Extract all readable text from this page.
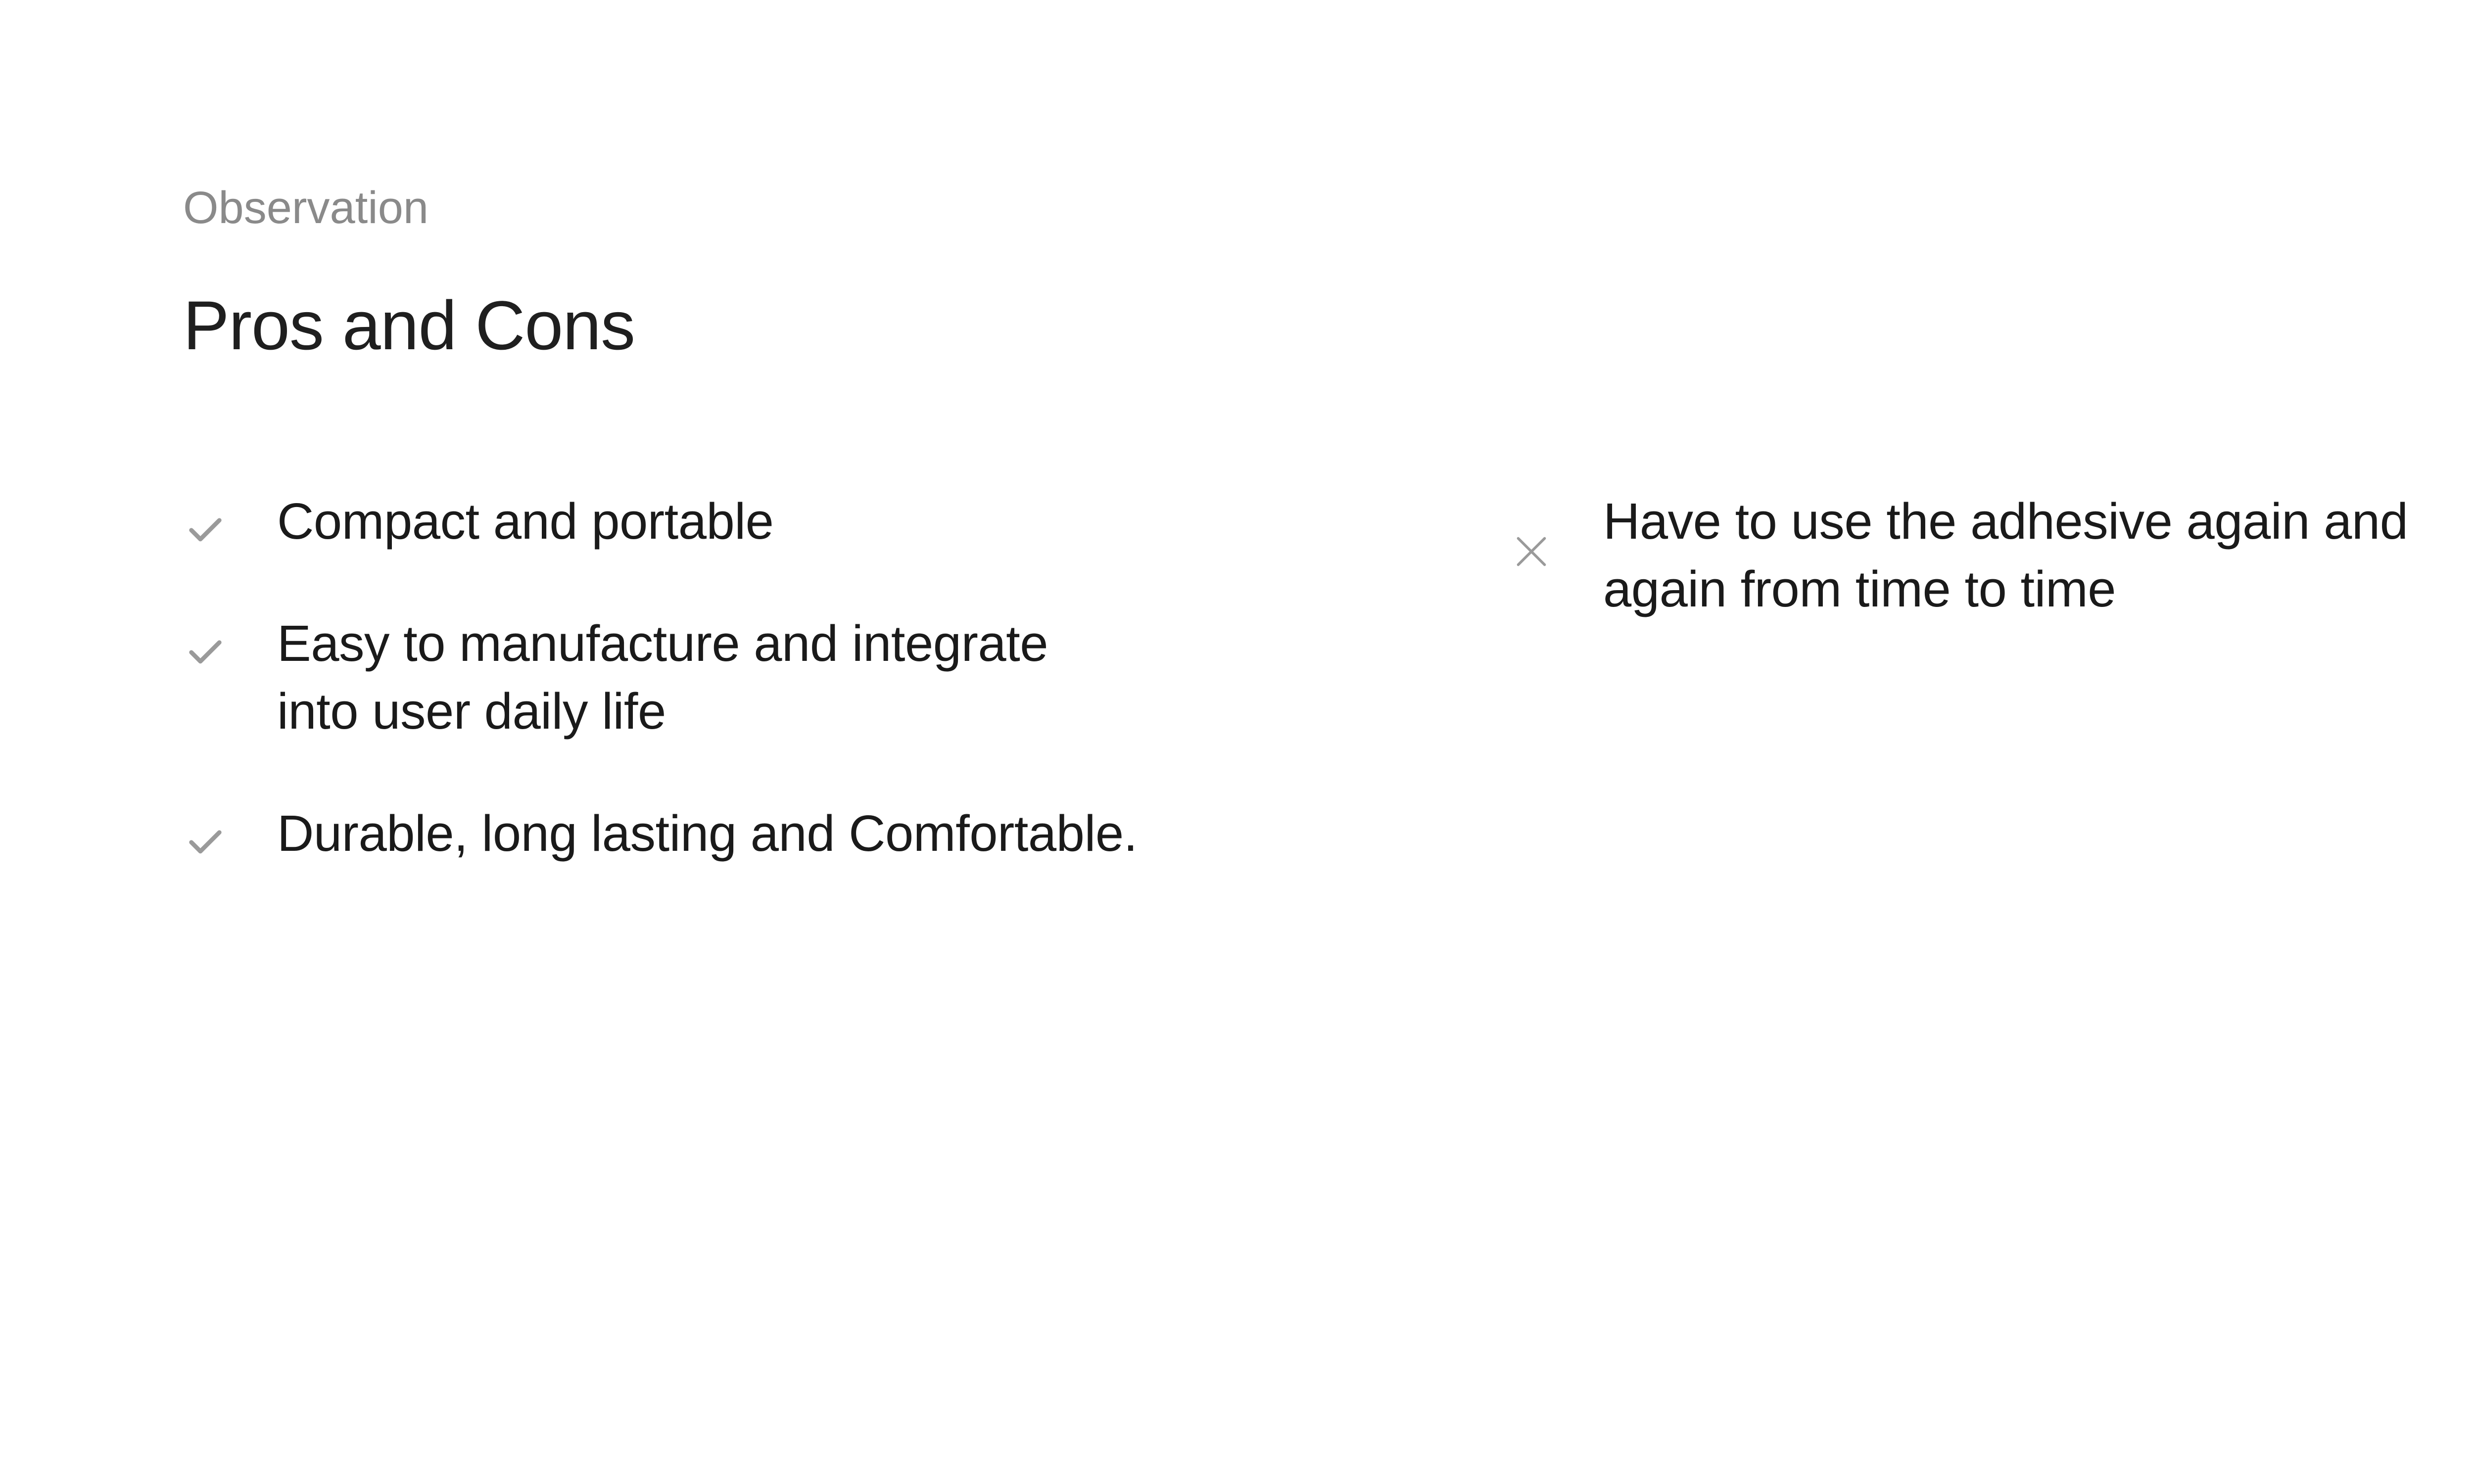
Observation
Pros and Cons
Compact and portable
Easy to manufacture and integrate into user daily life
Durable, long lasting and Comfortable.
Have to use the adhesive again and again from time to time
